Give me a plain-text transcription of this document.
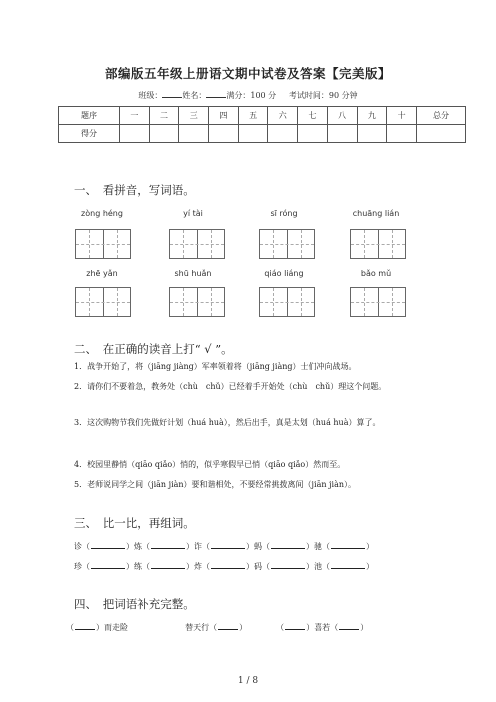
部编版五年级上册语文期中试卷及答案【完美版】
班级：	姓名：	满分：100 分 考试时间：90 分钟
题序	一	二	三	四	五	六	七	八	九	十	总分
得分											
一、　看拼音，写词语。
zòng héng	yí tài	sī róng	chuāng lián
zhē yǎn	shū huǎn	qiáo liáng	bǎo mǔ
二、　在正确的读音上打“ √ ”。
1．战争开始了，将（jiāng jiàng）军率领着将（jiāng jiàng）士们冲向战场。
2．请你们不要着急，教务处（chù　chǔ）已经着手开始处（chù　chǔ）理这个问题。
3．这次购物节我们先做好计划（huá huà），然后出手，真是太划（huá huà）算了。
4．校园里静悄（qiāo qiǎo）悄的，似乎寒假早已悄（qiāo qiǎo）然而至。
5．老师说同学之间（jiān jiàn）要和谐相处，不要经常挑拨离间（jiān jiàn）。
三、　比一比，再组词。
诊（	）炼（	）诈（	）蚂（	）驰（	）
珍（	）练（	）炸（	）码（	）池（	）
四、　把词语补充完整。
（	）而走险	替天行（	）	（	）喜若（	）
1 / 8
